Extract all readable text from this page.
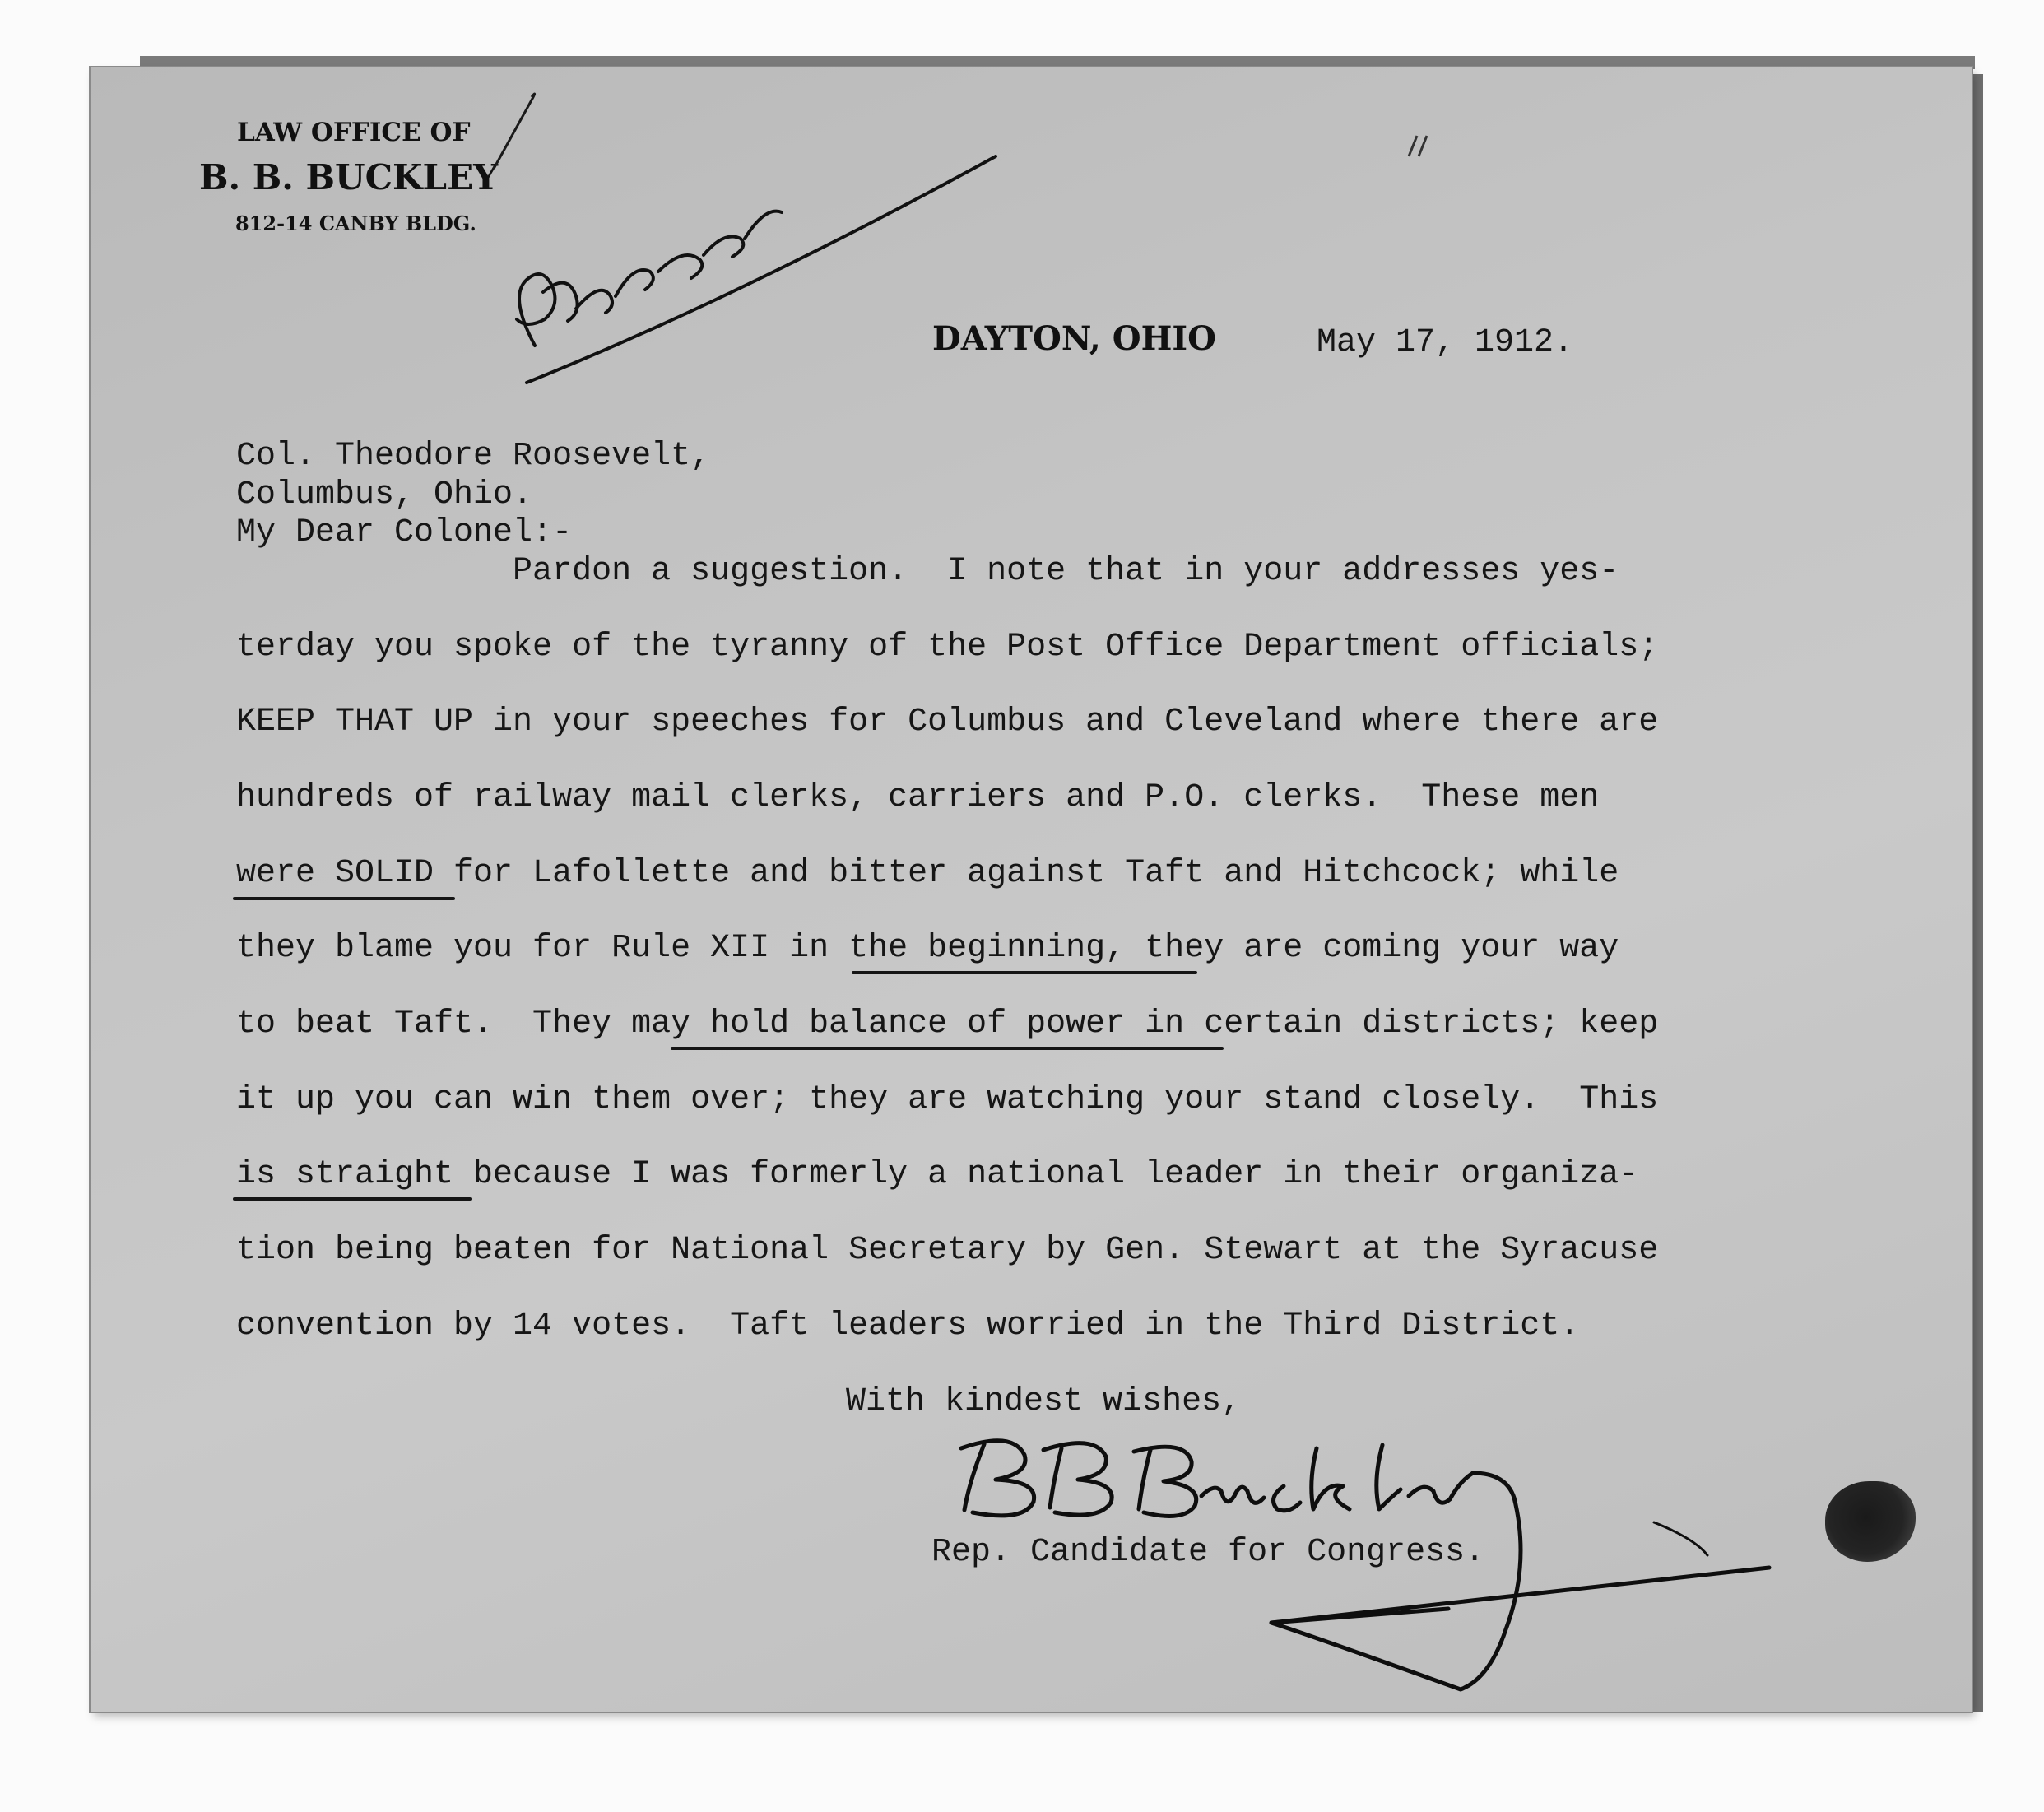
LAW OFFICE OF
B. B. BUCKLEY
812-14 CANBY BLDG.
DAYTON, OHIO	May 17, 1912.
Col. Theodore Roosevelt,
Columbus, Ohio.
My Dear Colonel:-
Pardon a suggestion.  I note that in your addresses yes-
terday you spoke of the tyranny of the Post Office Department officials;
KEEP THAT UP in your speeches for Columbus and Cleveland where there are
hundreds of railway mail clerks, carriers and P.O. clerks.  These men
were SOLID for Lafollette and bitter against Taft and Hitchcock; while
they blame you for Rule XII in the beginning, they are coming your way
to beat Taft.  They may hold balance of power in certain districts; keep
it up you can win them over; they are watching your stand closely.  This
is straight because I was formerly a national leader in their organiza-
tion being beaten for National Secretary by Gen. Stewart at the Syracuse
convention by 14 votes.  Taft leaders worried in the Third District.
With kindest wishes,
Rep. Candidate for Congress.
